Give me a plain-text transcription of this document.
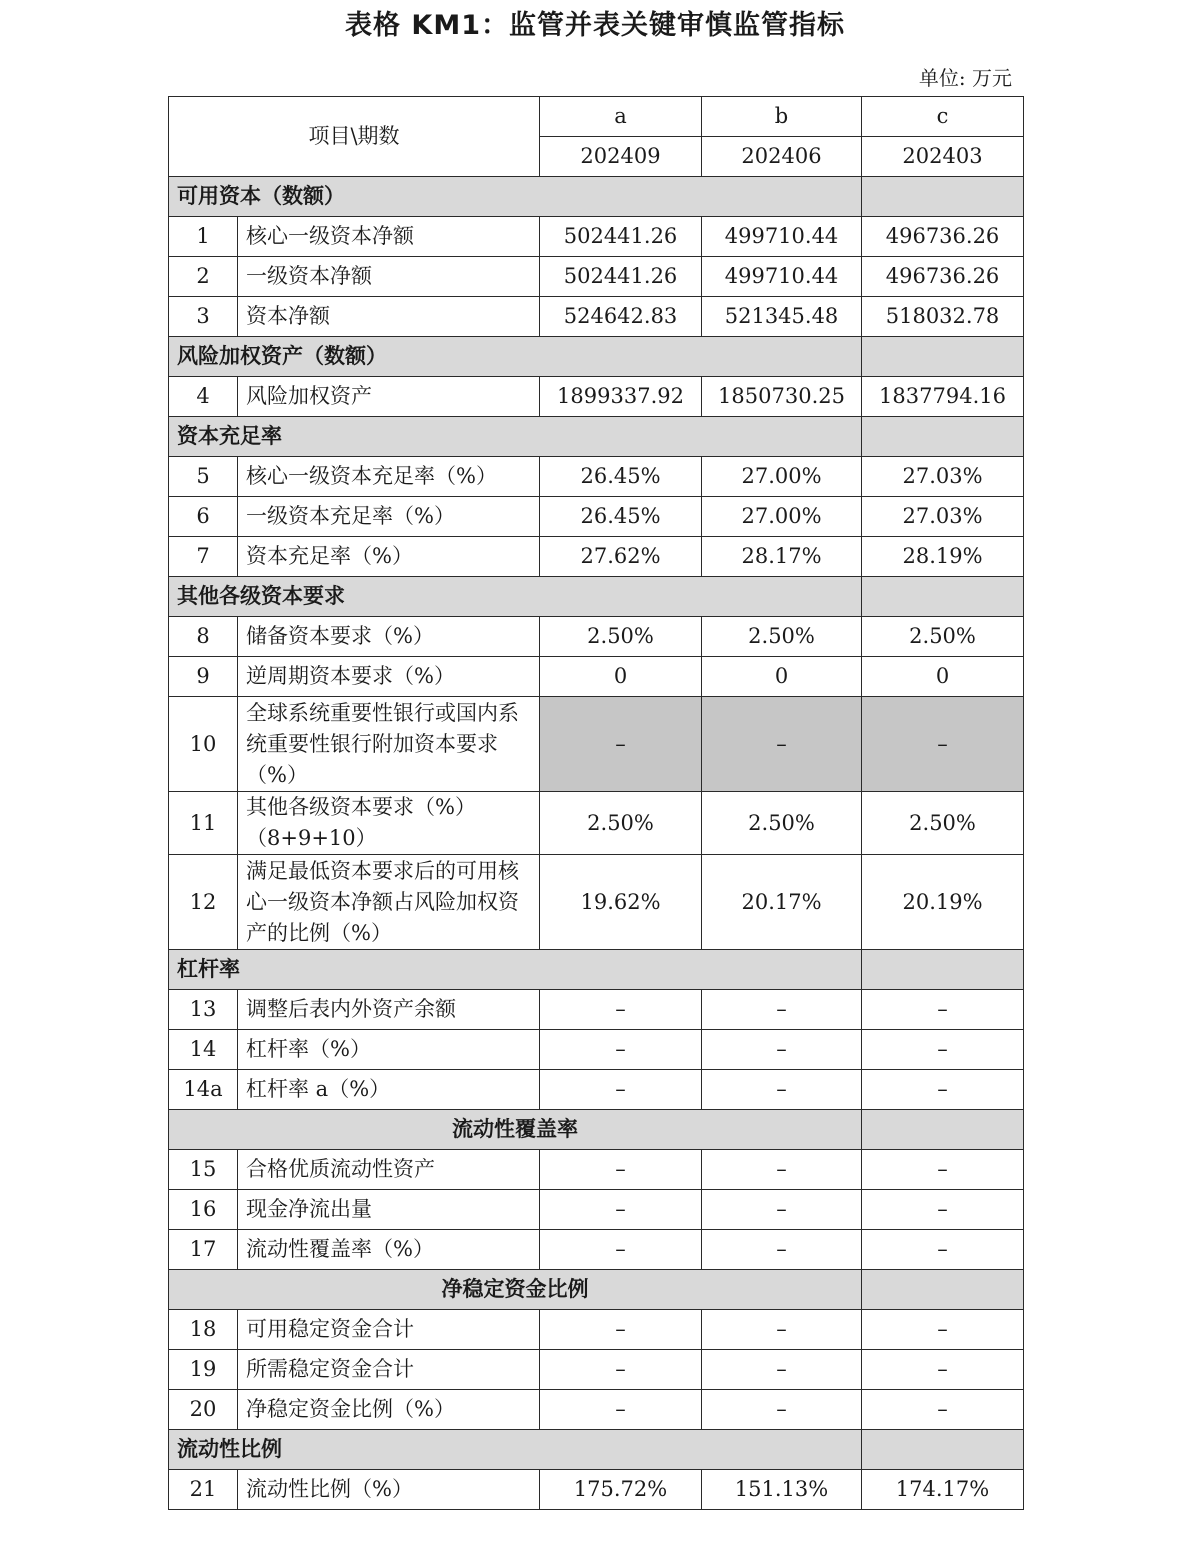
表格 KM1：监管并表关键审慎监管指标
单位: 万元
项目\期数		a	b	c
		202409	202406	202403
可用资本（数额）				
1	核心一级资本净额	502441.26	499710.44	496736.26
2	一级资本净额	502441.26	499710.44	496736.26
3	资本净额	524642.83	521345.48	518032.78
风险加权资产（数额）				
4	风险加权资产	1899337.92	1850730.25	1837794.16
资本充足率				
5	核心一级资本充足率（%）	26.45%	27.00%	27.03%
6	一级资本充足率（%）	26.45%	27.00%	27.03%
7	资本充足率（%）	27.62%	28.17%	28.19%
其他各级资本要求				
8	储备资本要求（%）	2.50%	2.50%	2.50%
9	逆周期资本要求（%）	0	0	0
10	全球系统重要性银行或国内系统重要性银行附加资本要求（%）	–	–	–
11	其他各级资本要求（%）（8+9+10）	2.50%	2.50%	2.50%
12	满足最低资本要求后的可用核心一级资本净额占风险加权资产的比例（%）	19.62%	20.17%	20.19%
杠杆率				
13	调整后表内外资产余额	–	–	–
14	杠杆率（%）	–	–	–
14a	杠杆率 a（%）	–	–	–
流动性覆盖率				
15	合格优质流动性资产	–	–	–
16	现金净流出量	–	–	–
17	流动性覆盖率（%）	–	–	–
净稳定资金比例				
18	可用稳定资金合计	–	–	–
19	所需稳定资金合计	–	–	–
20	净稳定资金比例（%）	–	–	–
流动性比例				
21	流动性比例（%）	175.72%	151.13%	174.17%
